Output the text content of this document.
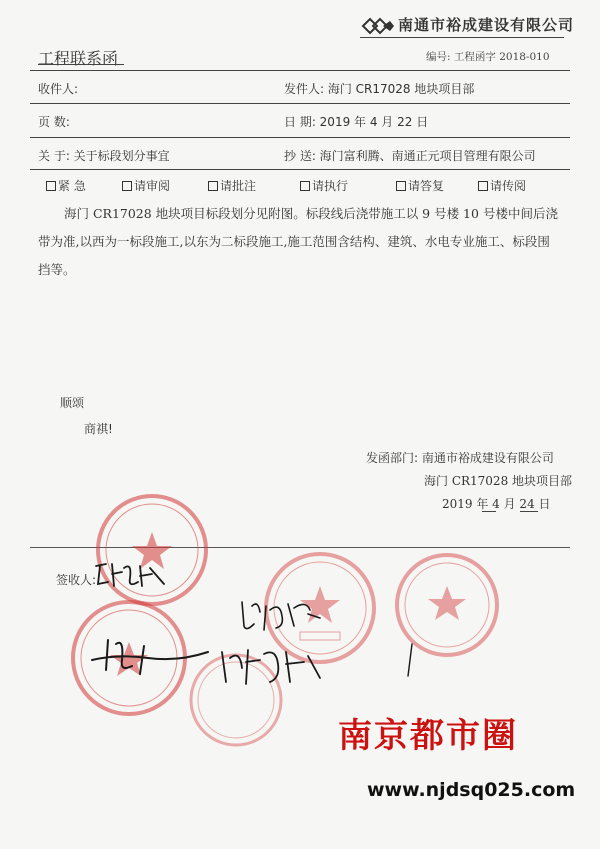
南通市裕成建设有限公司
工程联系函	编号: 工程函字 2018-010
收件人:	发件人: 海门 CR17028 地块项目部
页 数:	日 期: 2019 年 4 月 22 日
关 于: 关于标段划分事宜	抄 送: 海门富利腾、南通正元项目管理有限公司
紧 急	请审阅	请批注	请执行	请答复	请传阅
海门 CR17028 地块项目标段划分见附图。标段线后浇带施工以 9 号楼 10 号楼中间后浇带为准,以西为一标段施工,以东为二标段施工,施工范围含结构、建筑、水电专业施工、标段围挡等。
顺颂
商祺!
发函部门: 南通市裕成建设有限公司
海门 CR17028 地块项目部
2019 年 4 月 24 日
签收人:
南京都市圈
www.njdsq025.com
